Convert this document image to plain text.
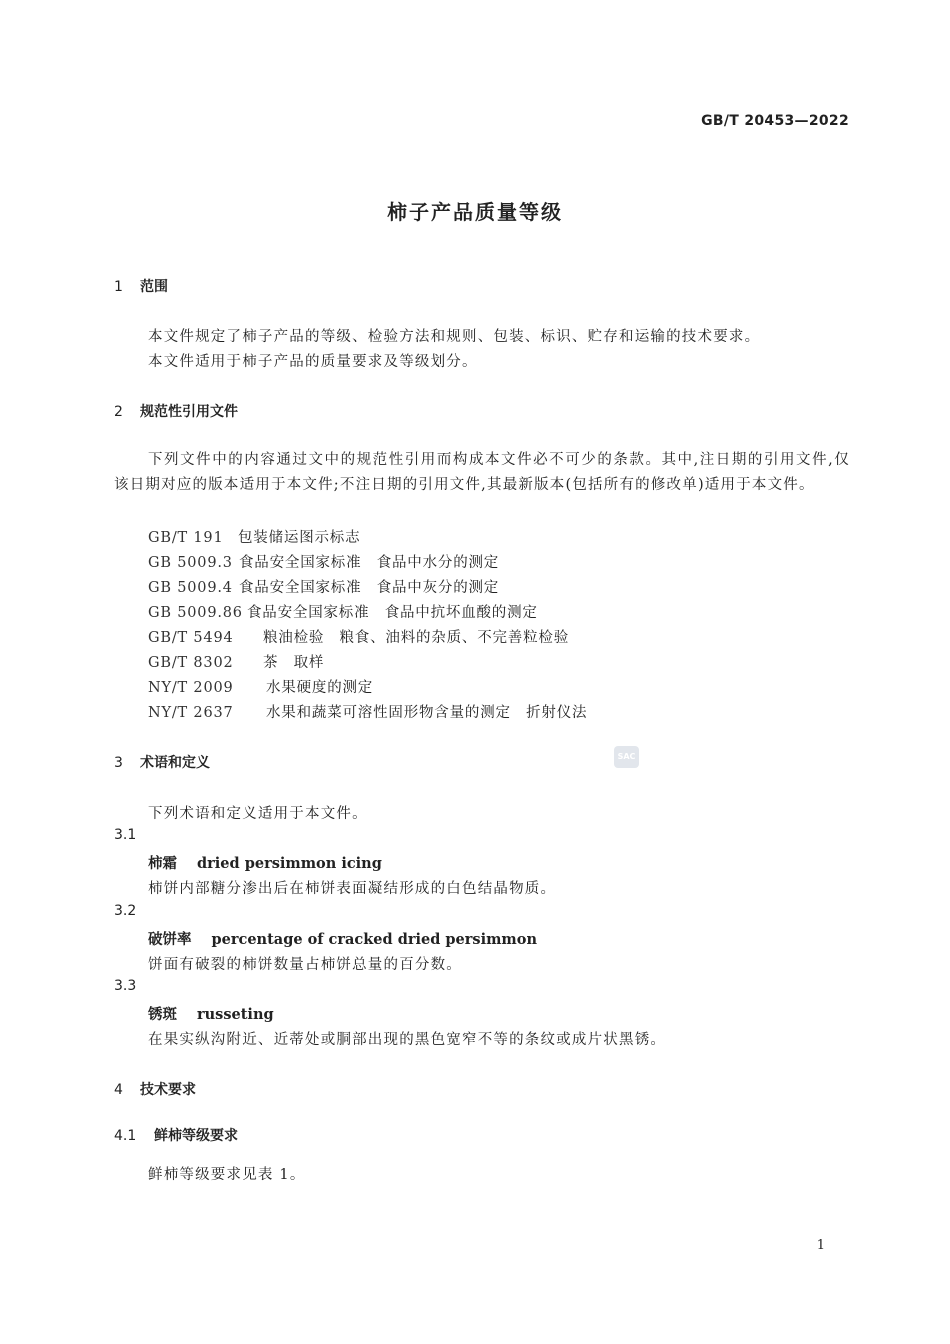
GB/T 20453—2022
柿子产品质量等级
1 范围
本文件规定了柿子产品的等级、检验方法和规则、包装、标识、贮存和运输的技术要求。
本文件适用于柿子产品的质量要求及等级划分。
2 规范性引用文件
下列文件中的内容通过文中的规范性引用而构成本文件必不可少的条款。其中,注日期的引用文件,仅该日期对应的版本适用于本文件;不注日期的引用文件,其最新版本(包括所有的修改单)适用于本文件。
GB/T 191 包装储运图示标志
GB 5009.3 食品安全国家标准　食品中水分的测定
GB 5009.4 食品安全国家标准　食品中灰分的测定
GB 5009.86 食品安全国家标准　食品中抗坏血酸的测定
GB/T 5494 粮油检验　粮食、油料的杂质、不完善粒检验
GB/T 8302 茶　取样
NY/T 2009 水果硬度的测定
NY/T 2637 水果和蔬菜可溶性固形物含量的测定　折射仪法
3 术语和定义	SAC
下列术语和定义适用于本文件。
3.1
柿霜 dried persimmon icing
柿饼内部糖分渗出后在柿饼表面凝结形成的白色结晶物质。
3.2
破饼率 percentage of cracked dried persimmon
饼面有破裂的柿饼数量占柿饼总量的百分数。
3.3
锈斑 russeting
在果实纵沟附近、近蒂处或胴部出现的黑色宽窄不等的条纹或成片状黑锈。
4 技术要求
4.1 鲜柿等级要求
鲜柿等级要求见表 1。
1
